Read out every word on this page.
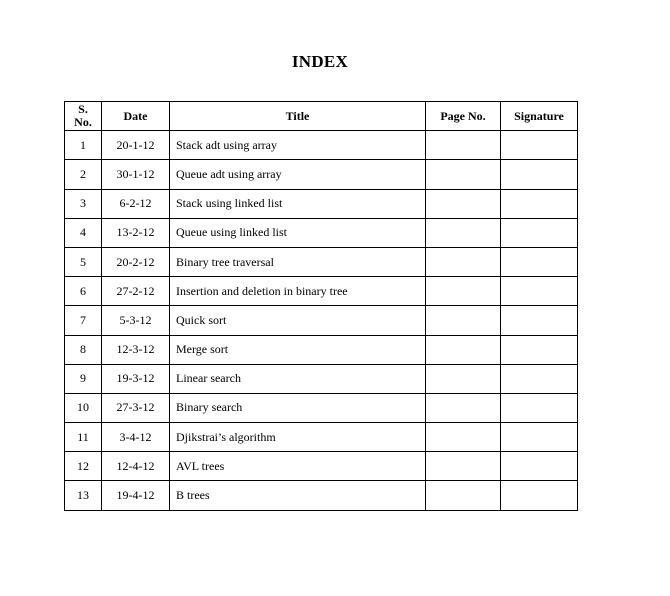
INDEX
S.
No.	Date	Title	Page No.	Signature
1	20-1-12	Stack adt using array		
2	30-1-12	Queue adt using array		
3	6-2-12	Stack using linked list		
4	13-2-12	Queue using linked list		
5	20-2-12	Binary tree traversal		
6	27-2-12	Insertion and deletion in binary tree		
7	5-3-12	Quick sort		
8	12-3-12	Merge sort		
9	19-3-12	Linear search		
10	27-3-12	Binary search		
11	3-4-12	Djikstrai’s algorithm		
12	12-4-12	AVL trees		
13	19-4-12	B trees		
